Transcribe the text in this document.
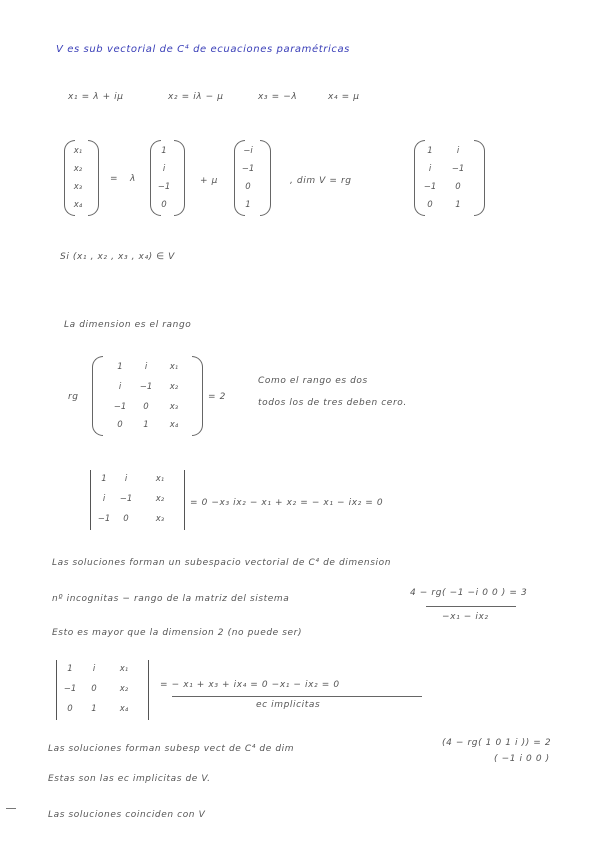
V es sub vectorial de C⁴ de ecuaciones paramétricas
x₁ = λ + iμ	x₂ = iλ − μ	x₃ = −λ	x₄ = μ
x₁
x₂
x₃
x₄
= λ
1
i
−1
0
+ μ
−i
−1
0
1
, dim V = rg
1	i
i	−1
−1	0
0	1
Si (x₁ , x₂ , x₃ , x₄) ∈ V
La dimension es el rango
rg
1	i	x₁
i	−1	x₂
−1	0	x₃
0	1	x₄
= 2
Como el rango es dos
todos los de tres deben cero.
1	i	x₁
i	−1	x₂
−1	0	x₃
= 0 −x₃ ix₂ − x₁ + x₂ = − x₁ − ix₂ = 0
Las soluciones forman un subespacio vectorial de C⁴ de dimension
nº incognitas − rango de la matriz del sistema
4 − rg( −1 −i 0 0 ) = 3
−x₁ − ix₂
Esto es mayor que la dimension 2 (no puede ser)
1	i	x₁
−1	0	x₂
0	1	x₄
= − x₁ + x₃ + ix₄ = 0 −x₁ − ix₂ = 0
ec implicitas
Las soluciones forman subesp vect de C⁴ de dim
(4 − rg( 1 0 1 i )) = 2
( −1 i 0 0 )
Estas son las ec implicitas de V.
Las soluciones coinciden con V
